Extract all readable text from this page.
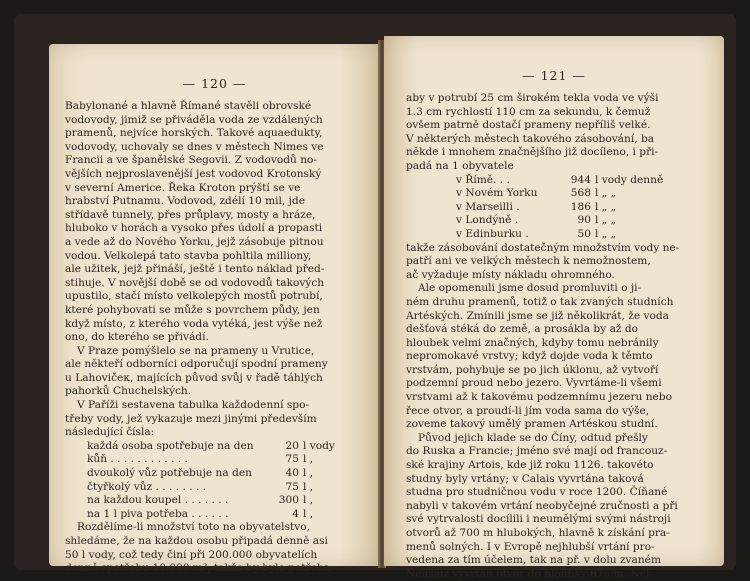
— 120 —

Babylonané a hlavně Římané stavěli obrovské
vodovody, jimiž se přiváděla voda ze vzdálených
pramenů, nejvíce horských. Takové aquaedukty,
vodovody, uchovaly se dnes v městech Nimes ve
Francii a ve španělské Segovii. Z vodovodů no-
vějších nejproslavenější jest vodovod Krotonský
v severní Americe. Řeka Kroton prýští se ve
hrabství Putnamu. Vodovod, zdélí 10 mil, jde
střídavě tunnely, přes průplavy, mosty a hráze,
hluboko v horách a vysoko přes údolí a propasti
a vede až do Nového Yorku, jejž zásobuje pitnou
vodou. Velkolepá tato stavba pohltila milliony,
ale užitek, jejž přináší, ještě i tento náklad před-
stihuje. V novější době se od vodovodů takových
upustilo, stačí místo velkolepých mostů potrubí,
které pohybovati se může s povrchem půdy, jen
když místo, z kterého voda vytéká, jest výše než
ono, do kterého se přivádí.

V Praze pomýšlelo se na prameny u Vrutice,
ale někteří odborníci odporučují spodní prameny
u Lahovičeк, majících původ svůj v řadě táhlých
pahorků Chuchelských.

V Paříži sestavena tabulka každodenní spo-
třeby vody, jež vykazuje mezi jinými především
následující čísla:

každá osoba spotřebuje na den	20	l vody
kůň . . . . . . . . . . . .	75	l ,
dvoukolý vůz potřebuje na den	40	l ,
čtyřkolý vůz . . . . . . . .	75	l ,
na každou koupel . . . . . . .	300	l ,
na 1 l piva potřeba . . . . . .	4	l ,

Rozdělíme-li množství toto na obyvatelstvo,
shledáme, že na každou osobu připadá denně asi
50 l vody, což tedy činí při 200.000 obyvatelích
denně spotřebu 10.000 m³, takže by bylo potřeba,

— 121 —

aby v potrubí 25 cm širokém tekla voda ve výši
1.3 cm rychlostí 110 cm za sekundu, k čemuž
ovšem patrně dostačí prameny nepříliš velké.
V některých městech takového zásobování, ba
někde i mnohem značnějšího již docíleno, i při-
padá na 1 obyvatele

v Římě. . .	944	l vody denně
v Novém Yorku	568	l „ „
v Marseilli .	186	l „ „
v Londýně .	90	l „ „
v Edinburku .	50	l „ „

takže zásobování dostatečným množstvím vody ne-
patří ani ve velkých městech k nemožnostem,
ač vyžaduje místy nákladu ohromného.

Ale opomenuli jsme dosud promluviti o ji-
ném druhu pramenů, totiž o tak zvaných studních
Artéských. Zmínili jsme se již několikrát, že voda
dešťová stéká do země, a prosákla by až do
hloubek velmi značných, kdyby tomu nebránily
nepromokavé vrstvy; když dojde voda k těmto
vrstvám, pohybuje se po jich úklonu, až vytvoří
podzemní proud nebo jezero. Vyvrtáme-li všemi
vrstvami až k takovému podzemnímu jezeru nebo
řece otvor, a proudí-li jím voda sama do výše,
zoveme takový umělý pramen Artéskou studní.

Původ jejich klade se do Číny, odtud přešly
do Ruska a Francie; jméno své mají od francouz-
ské krajiny Artois, kde již roku 1126. takovéto
studny byly vrtány; v Calais vyvrtána taková
studna pro studničnou vodu v roce 1200. Číňané
nabyli v takovém vrtání neobyčejné zručnosti a při
své vytrvalosti docílili i neumělými svými nástroji
otvorů až 700 m hlubokých, hlavně k získání pra-
menů solných. I v Evropě nejhlubší vrtání pro-
vedena za tím účelem, tak na př. v dolu zvaném
Neusalz vyvrtán otvor do hloubky 675 m. Nej-
